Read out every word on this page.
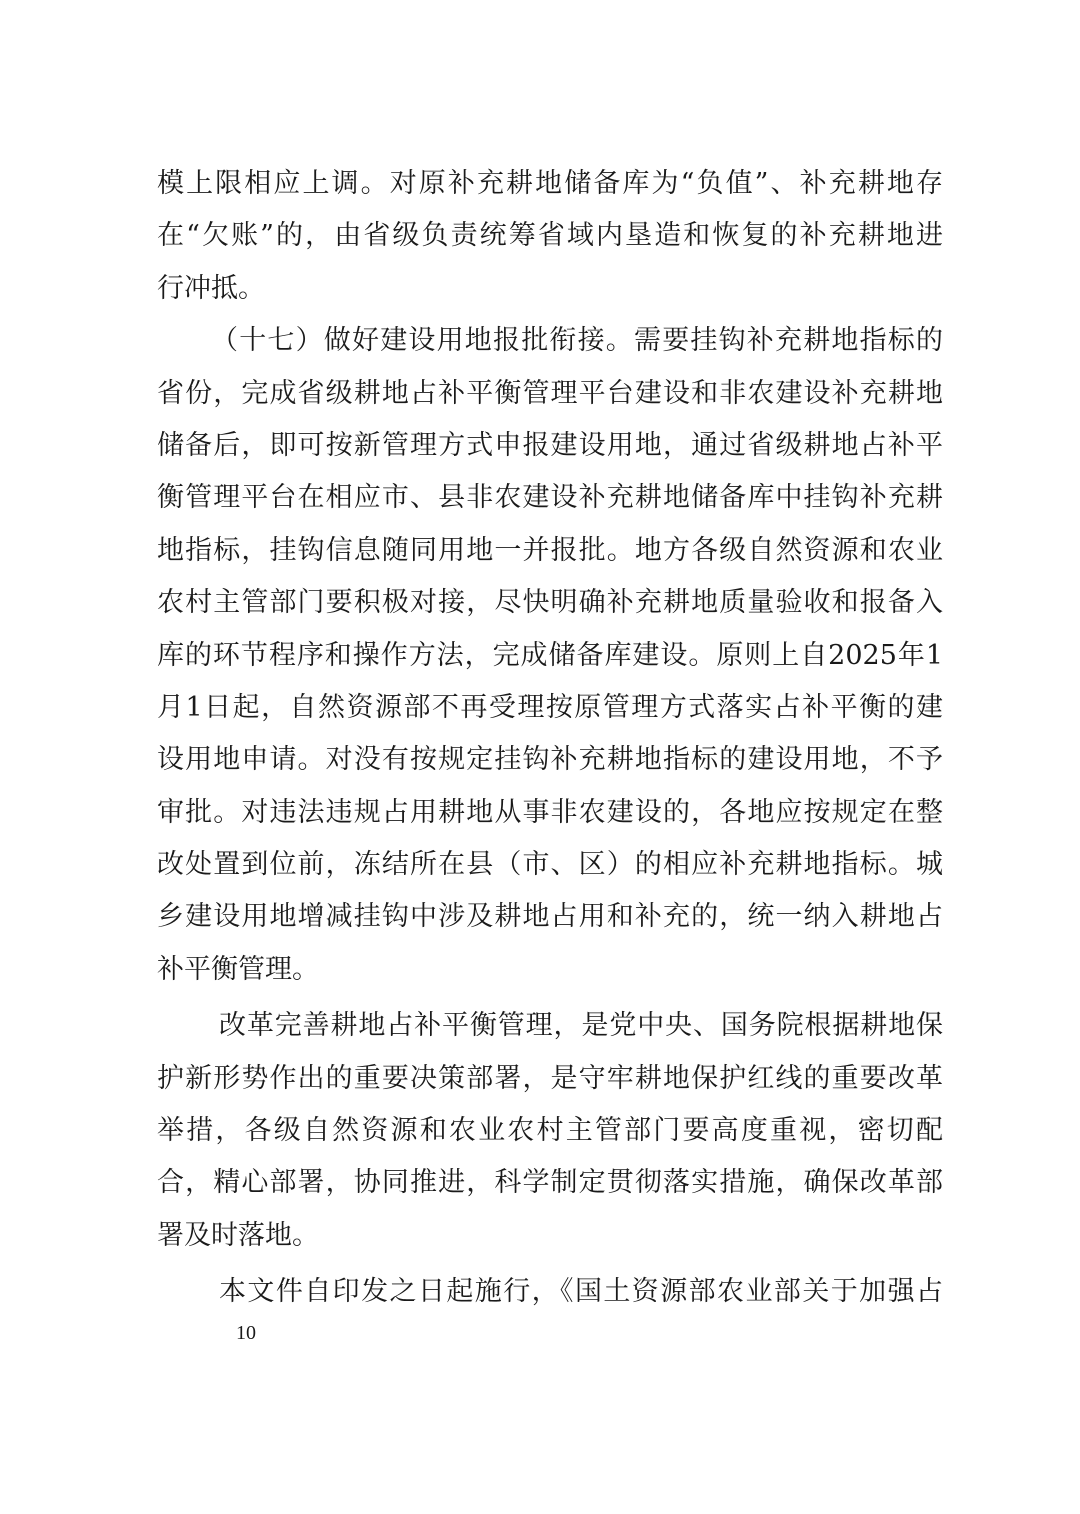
模上限相应上调。对原补充耕地储备库为“负值”、补充耕地存
在“欠账”的，由省级负责统筹省域内垦造和恢复的补充耕地进
行冲抵。
（十七）做好建设用地报批衔接。需要挂钩补充耕地指标的
省份，完成省级耕地占补平衡管理平台建设和非农建设补充耕地
储备后，即可按新管理方式申报建设用地，通过省级耕地占补平
衡管理平台在相应市、县非农建设补充耕地储备库中挂钩补充耕
地指标，挂钩信息随同用地一并报批。地方各级自然资源和农业
农村主管部门要积极对接，尽快明确补充耕地质量验收和报备入
库的环节程序和操作方法，完成储备库建设。原则上自2025年1
月1日起，自然资源部不再受理按原管理方式落实占补平衡的建
设用地申请。对没有按规定挂钩补充耕地指标的建设用地，不予
审批。对违法违规占用耕地从事非农建设的，各地应按规定在整
改处置到位前，冻结所在县（市、区）的相应补充耕地指标。城
乡建设用地增减挂钩中涉及耕地占用和补充的，统一纳入耕地占
补平衡管理。
改革完善耕地占补平衡管理，是党中央、国务院根据耕地保
护新形势作出的重要决策部署，是守牢耕地保护红线的重要改革
举措，各级自然资源和农业农村主管部门要高度重视，密切配
合，精心部署，协同推进，科学制定贯彻落实措施，确保改革部
署及时落地。
本文件自印发之日起施行，《国土资源部农业部关于加强占
10
